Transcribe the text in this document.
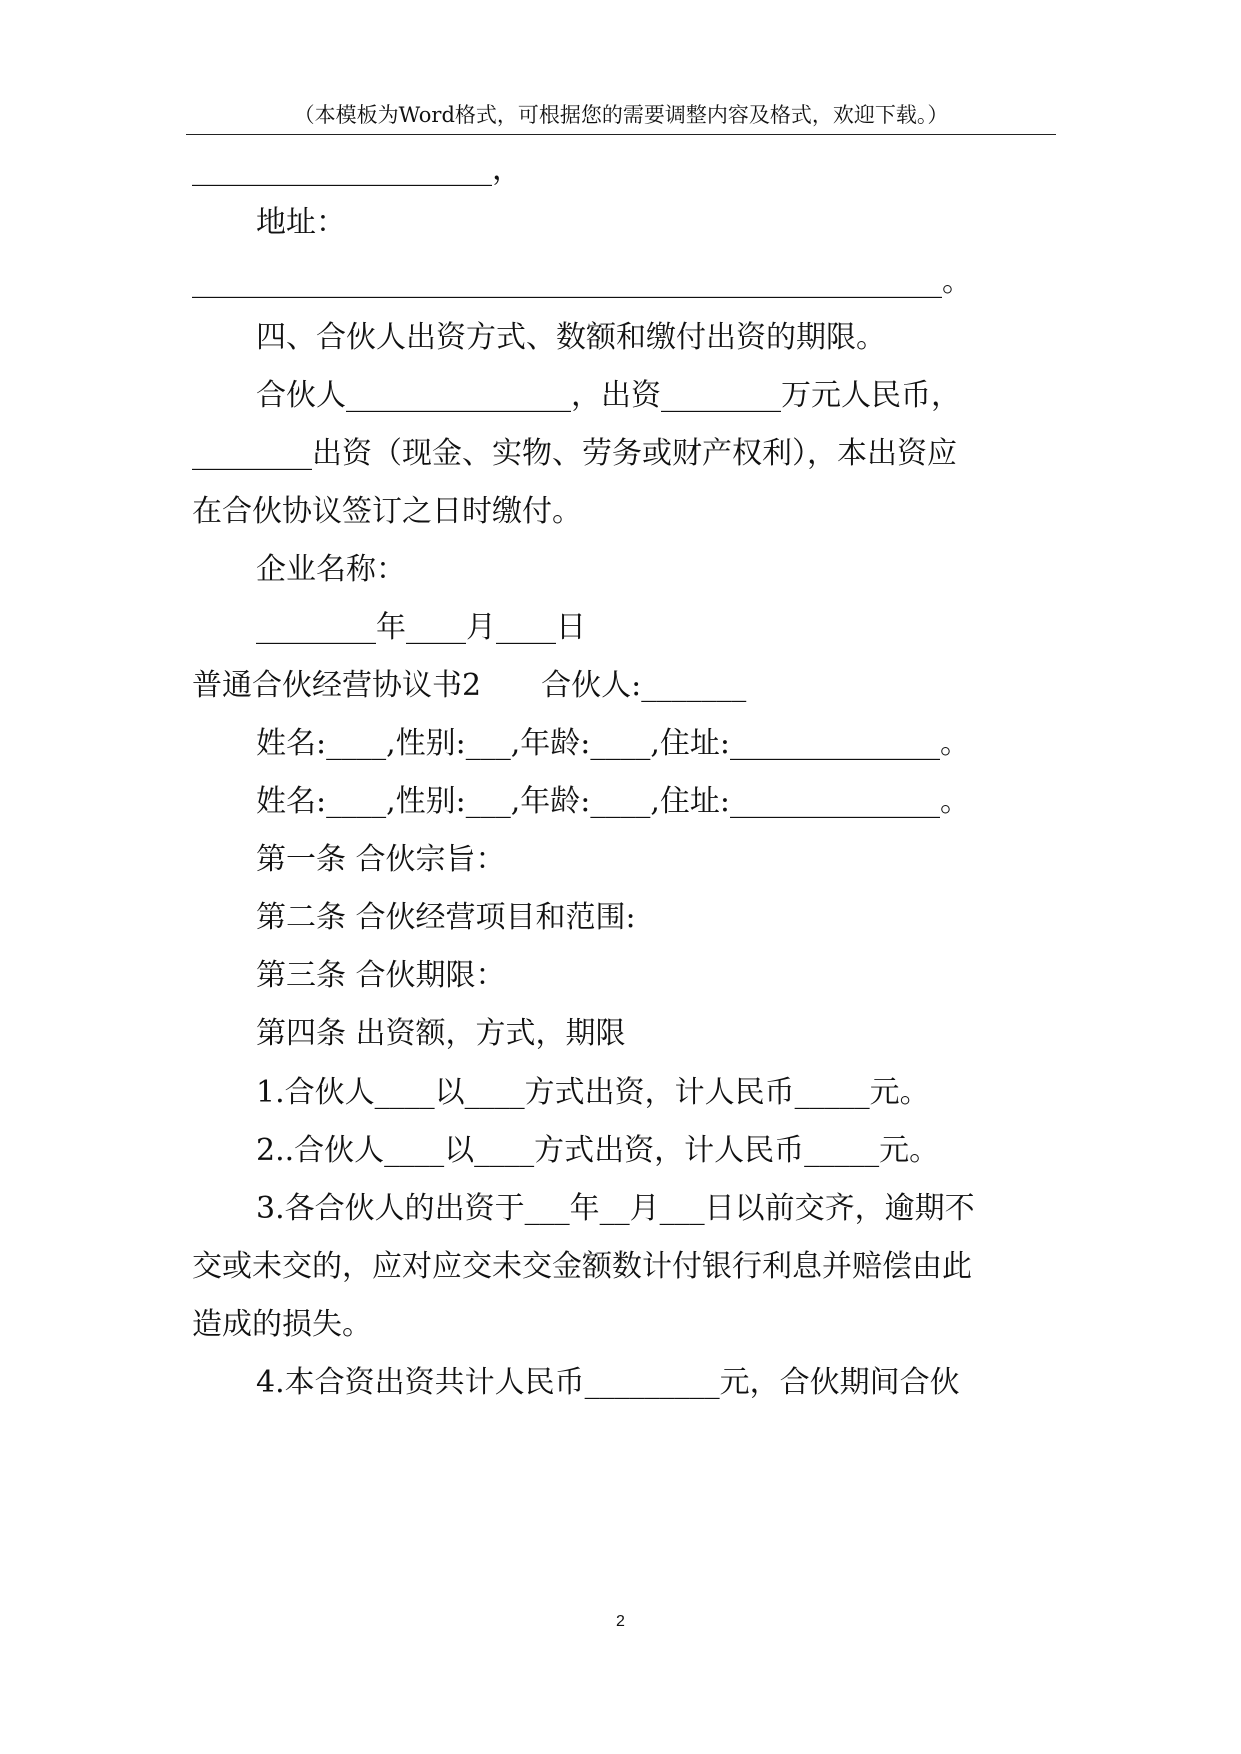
（本模板为Word格式，可根据您的需要调整内容及格式，欢迎下载。）
____________________，
地址：
__________________________________________________。
四、合伙人出资方式、数额和缴付出资的期限。
合伙人_______________，出资________万元人民币，
________出资（现金、实物、劳务或财产权利），本出资应
在合伙协议签订之日时缴付。
企业名称：
________年____月____日
普通合伙经营协议书2　　合伙人:_______
姓名:____,性别:___,年龄:____,住址:______________。
姓名:____,性别:___,年龄:____,住址:______________。
第一条 合伙宗旨：
第二条 合伙经营项目和范围:
第三条 合伙期限：
第四条 出资额，方式，期限
1.合伙人____以____方式出资，计人民币_____元。
2..合伙人____以____方式出资，计人民币_____元。
3.各合伙人的出资于___年__月___日以前交齐，逾期不
交或未交的，应对应交未交金额数计付银行利息并赔偿由此
造成的损失。
4.本合资出资共计人民币_________元，合伙期间合伙
2
